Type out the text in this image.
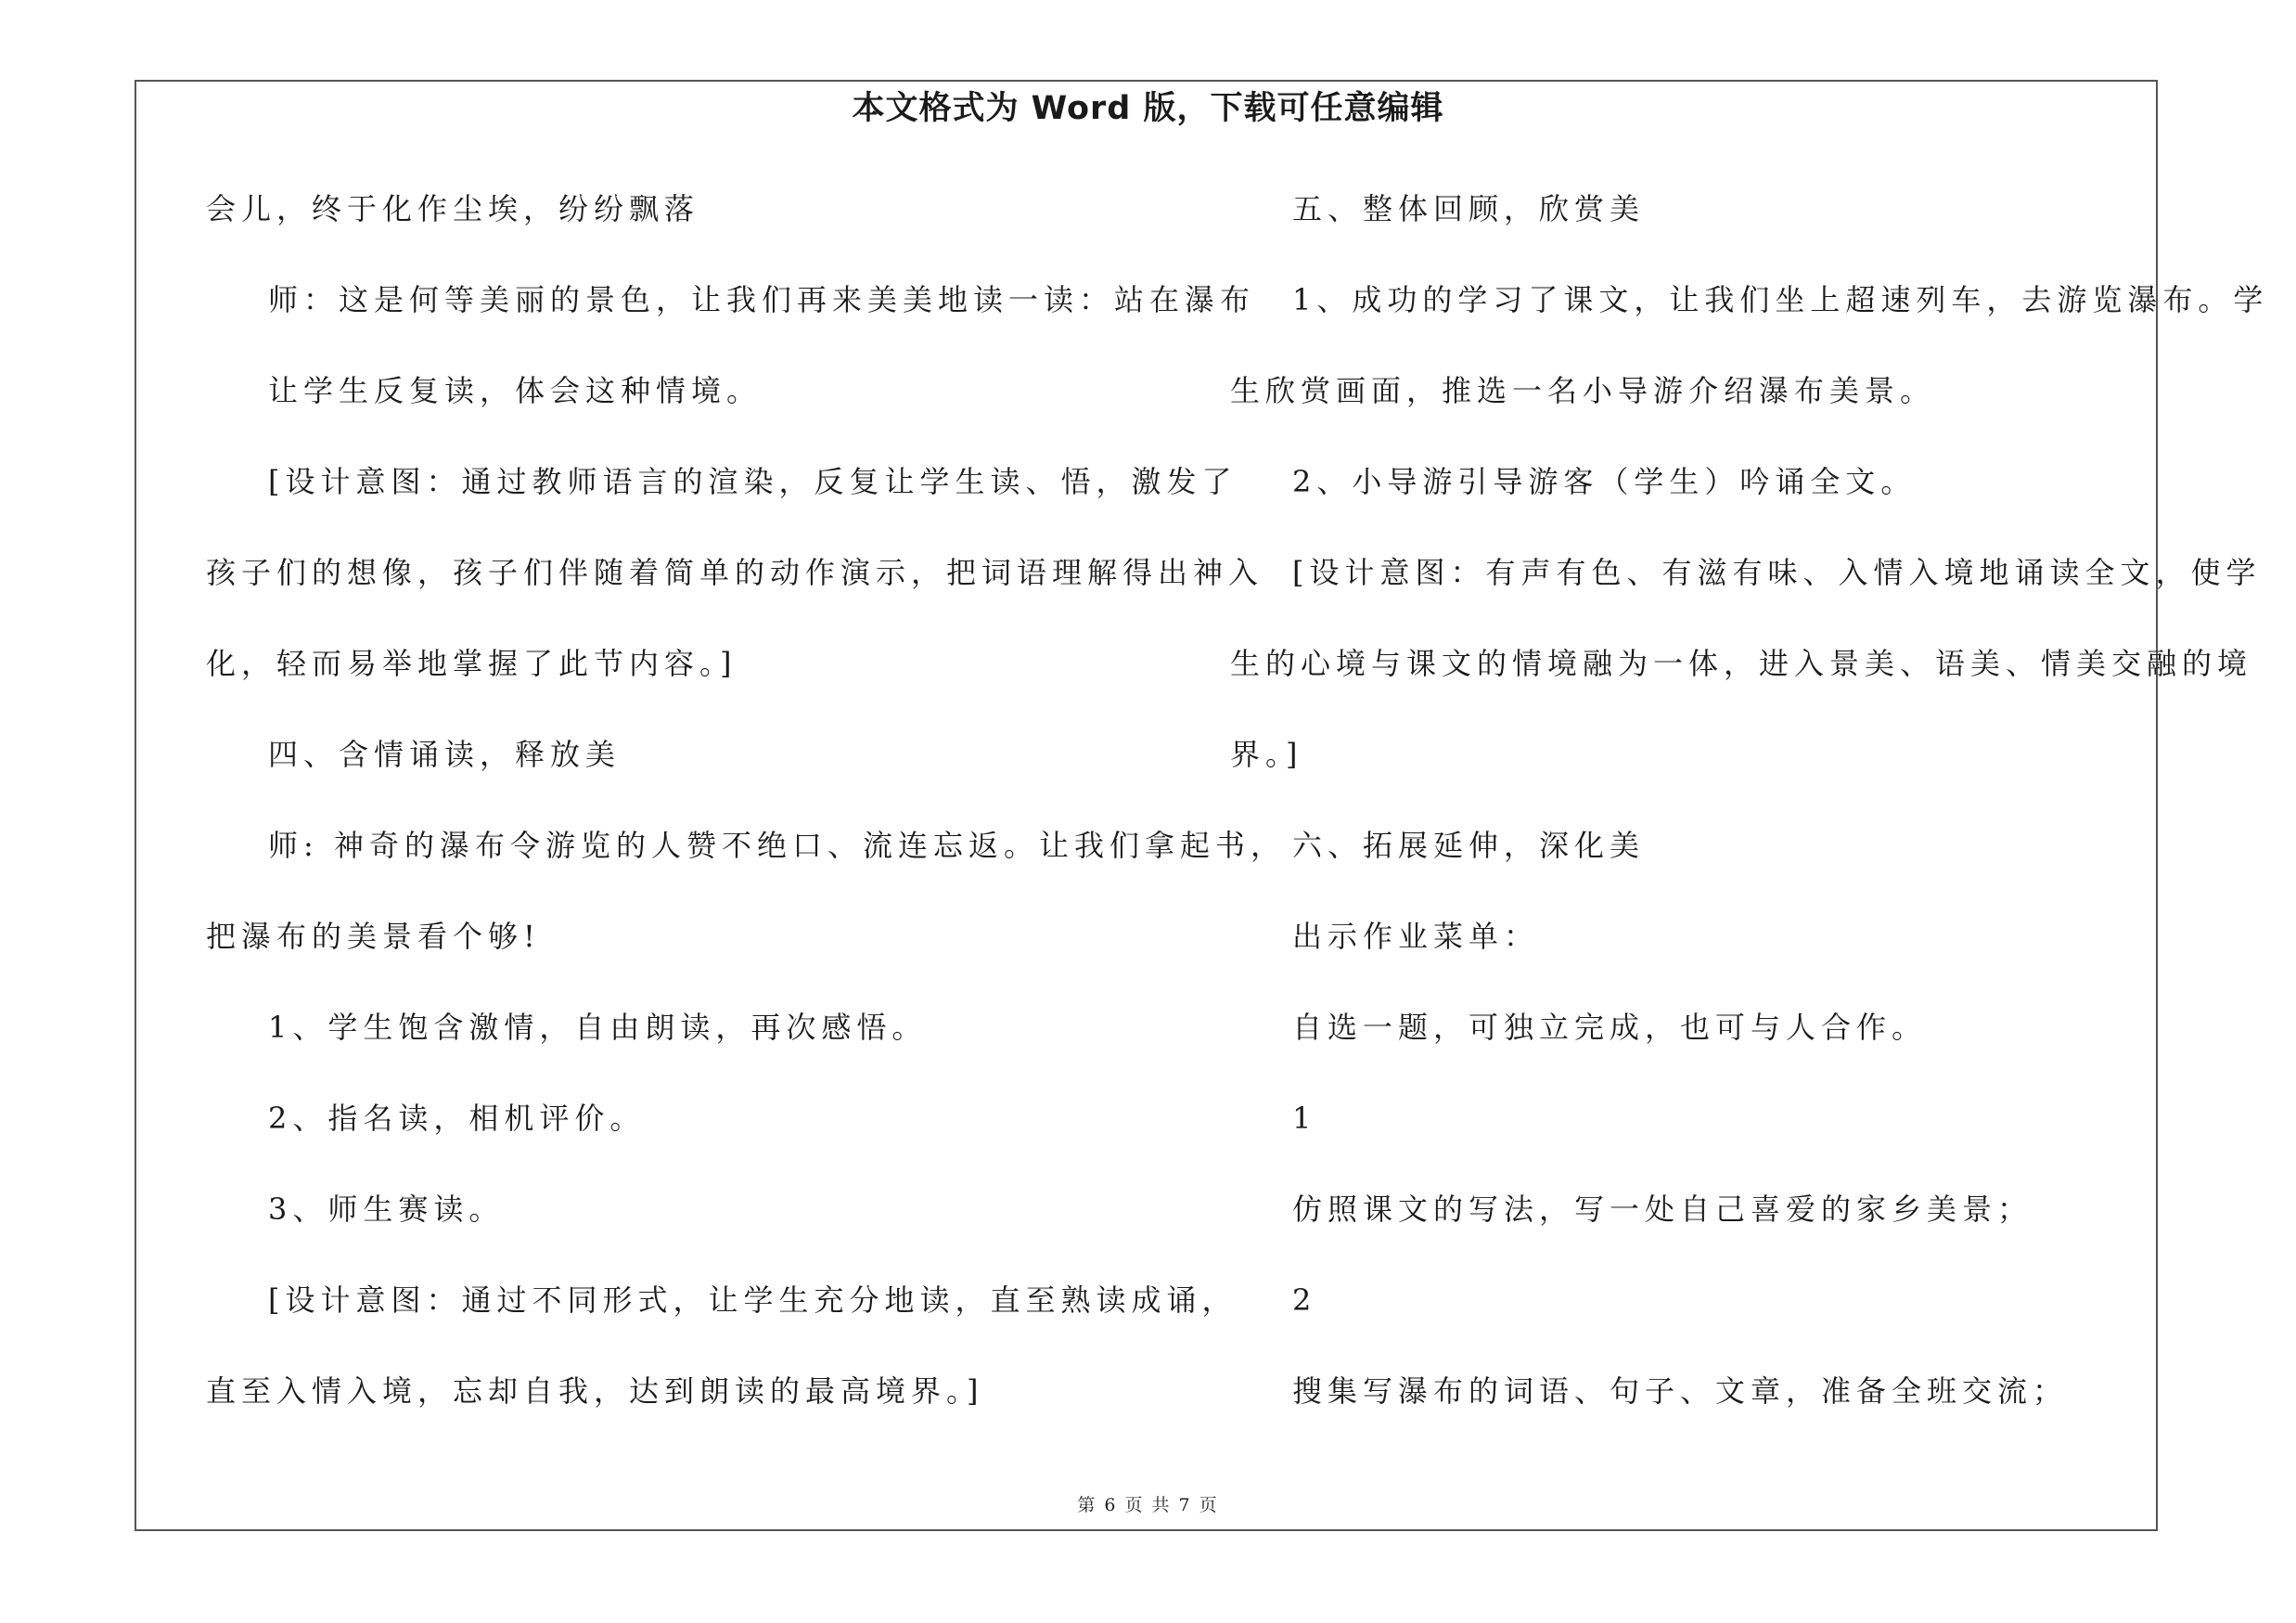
本文格式为 Word 版，下载可任意编辑
会儿，终于化作尘埃，纷纷飘落
师：这是何等美丽的景色，让我们再来美美地读一读：站在瀑布
让学生反复读，体会这种情境。
[设计意图：通过教师语言的渲染，反复让学生读、悟，激发了
孩子们的想像，孩子们伴随着简单的动作演示，把词语理解得出神入
化，轻而易举地掌握了此节内容。]
四、含情诵读，释放美
师: 神奇的瀑布令游览的人赞不绝口、流连忘返。让我们拿起书，
把瀑布的美景看个够!
1、学生饱含激情，自由朗读，再次感悟。
2、指名读，相机评价。
3、师生赛读。
[设计意图：通过不同形式，让学生充分地读，直至熟读成诵，
直至入情入境，忘却自我，达到朗读的最高境界。]
五、整体回顾，欣赏美
1、成功的学习了课文，让我们坐上超速列车，去游览瀑布。学
生欣赏画面，推选一名小导游介绍瀑布美景。
2、小导游引导游客（学生）吟诵全文。
[设计意图：有声有色、有滋有味、入情入境地诵读全文，使学
生的心境与课文的情境融为一体，进入景美、语美、情美交融的境
界。]
六、拓展延伸，深化美
出示作业菜单：
自选一题，可独立完成，也可与人合作。
1
仿照课文的写法，写一处自己喜爱的家乡美景；
2
搜集写瀑布的词语、句子、文章，准备全班交流；
第 6 页 共 7 页
